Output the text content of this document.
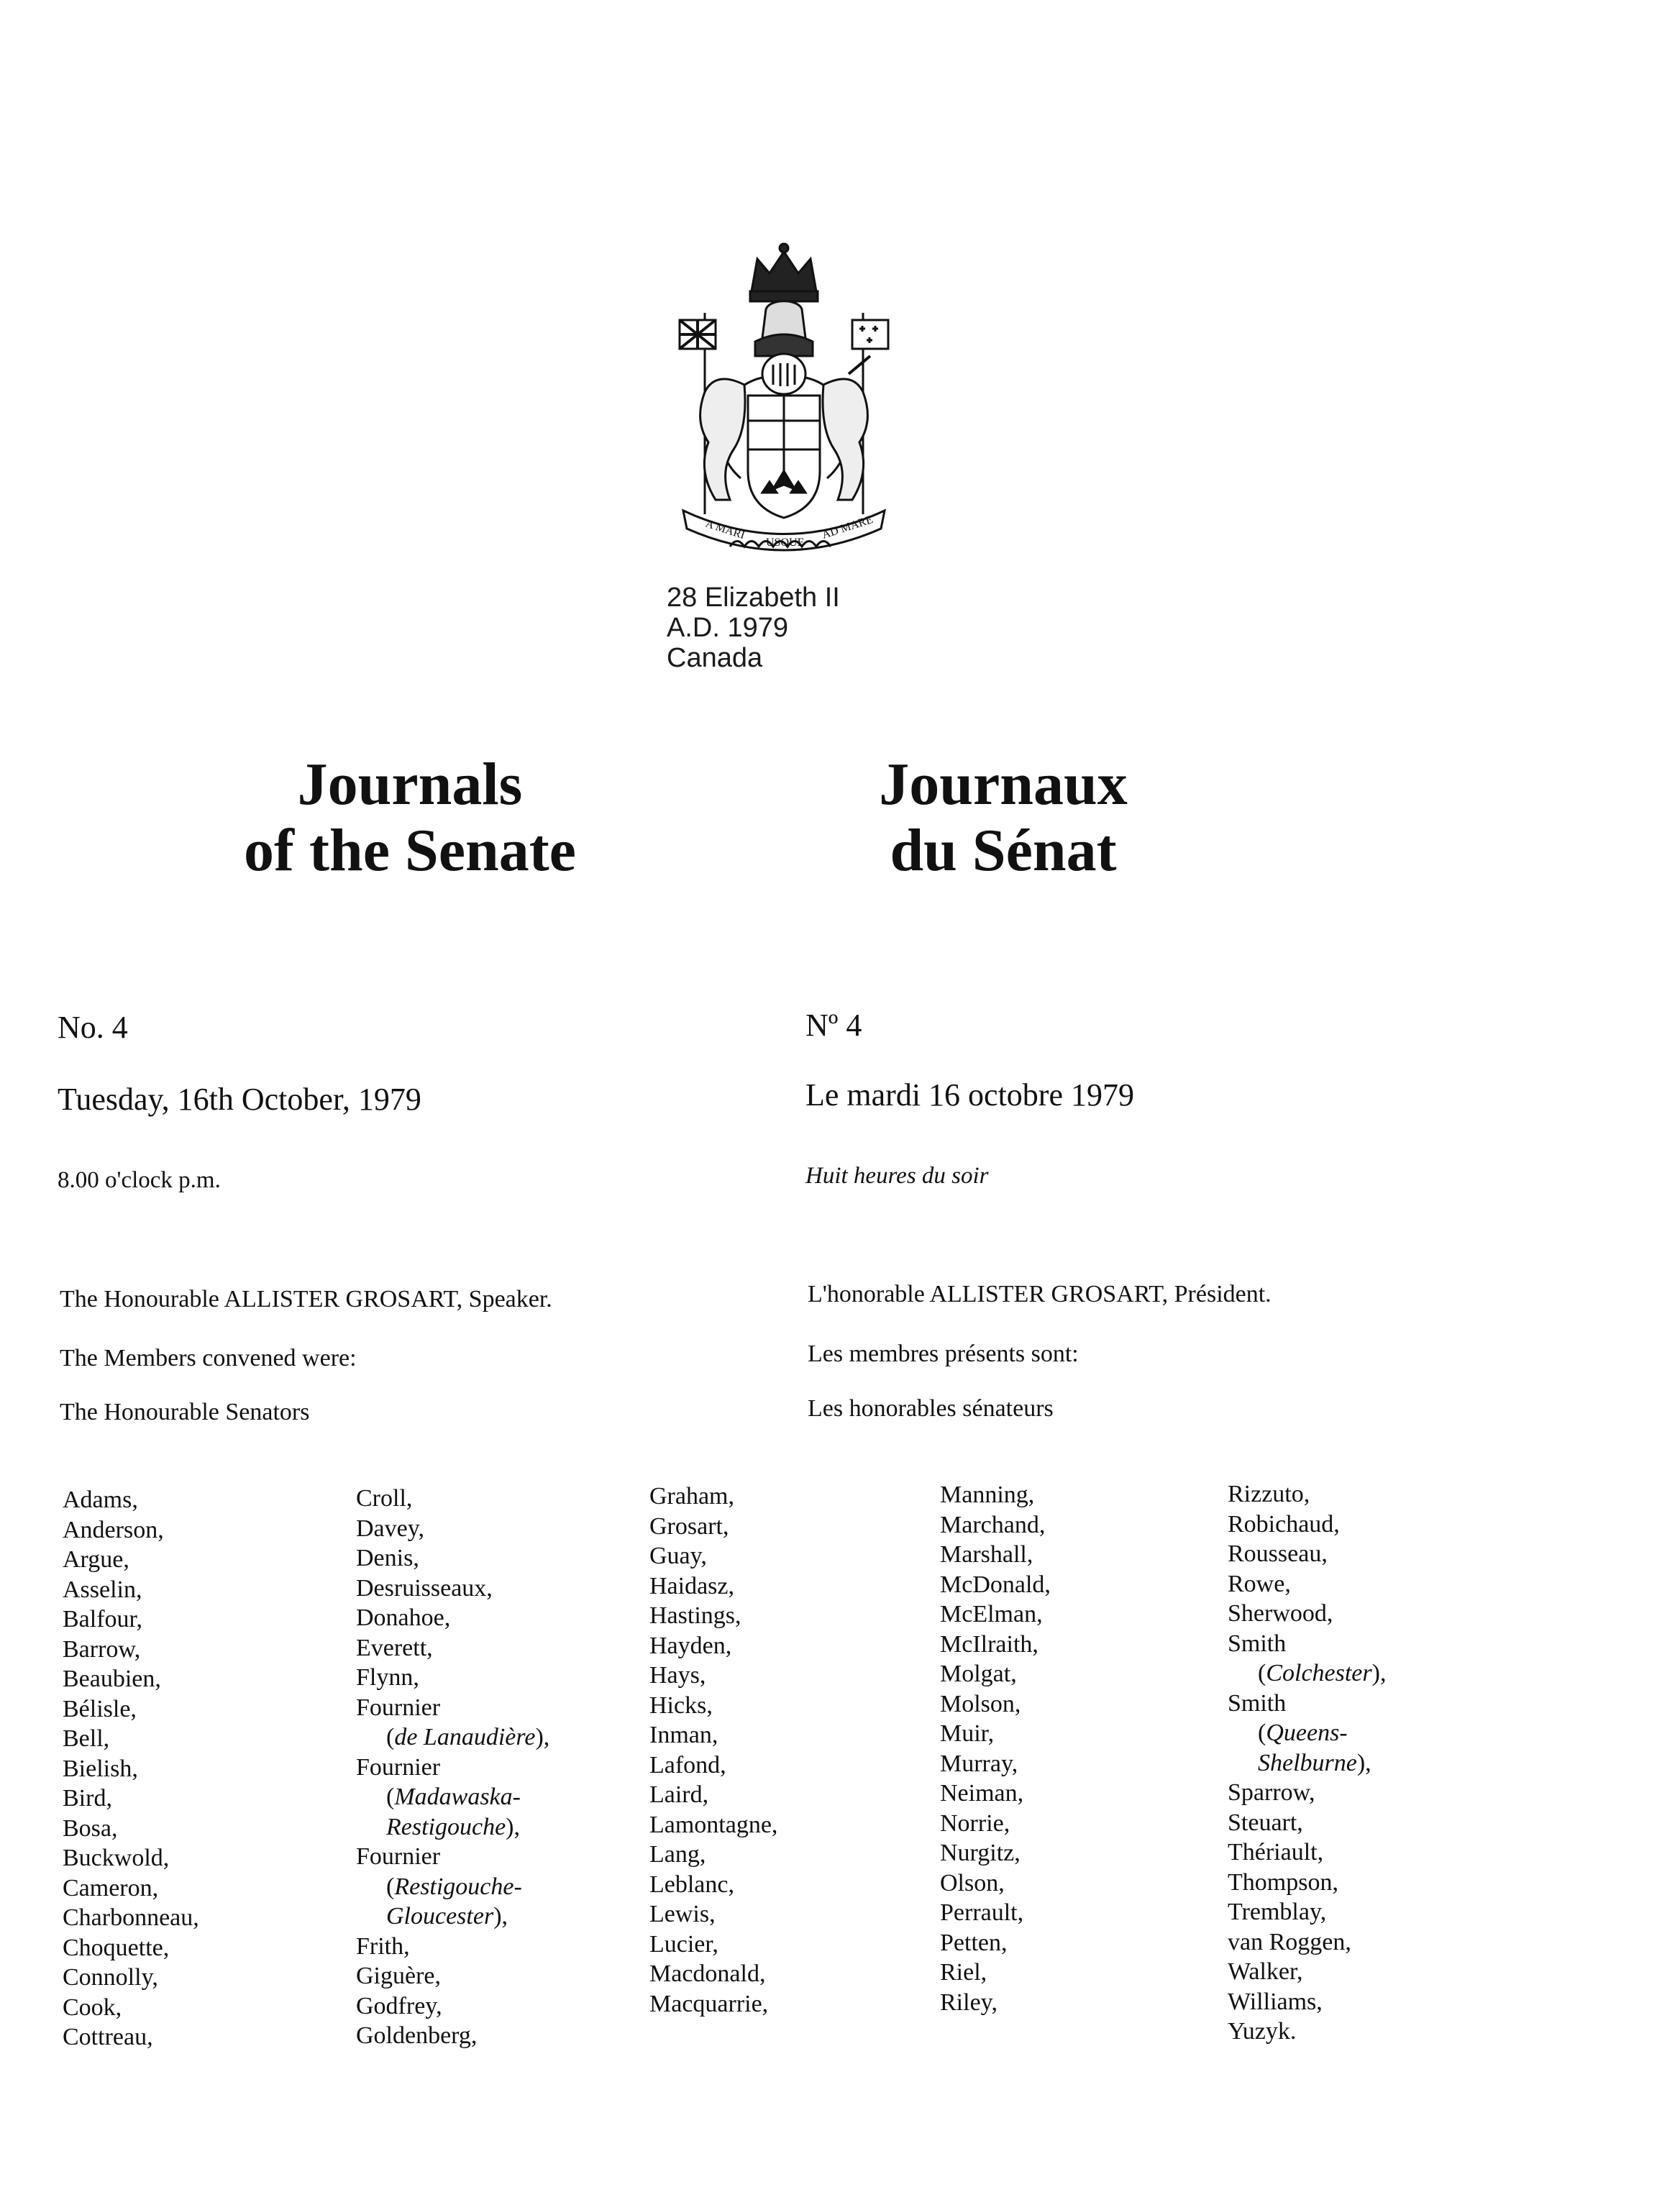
A MARI
USQUE
AD MARE
28 Elizabeth II
A.D. 1979
Canada
Journals
of the Senate
Journaux
du Sénat
No. 4
Tuesday, 16th October, 1979
8.00 o'clock p.m.
The Honourable ALLISTER GROSART, Speaker.
The Members convened were:
The Honourable Senators
Nº 4
Le mardi 16 octobre 1979
Huit heures du soir
L'honorable ALLISTER GROSART, Président.
Les membres présents sont:
Les honorables sénateurs
Adams,
Anderson,
Argue,
Asselin,
Balfour,
Barrow,
Beaubien,
Bélisle,
Bell,
Bielish,
Bird,
Bosa,
Buckwold,
Cameron,
Charbonneau,
Choquette,
Connolly,
Cook,
Cottreau,
Croll,
Davey,
Denis,
Desruisseaux,
Donahoe,
Everett,
Flynn,
Fournier
(de Lanaudière),
Fournier
(Madawaska-
Restigouche),
Fournier
(Restigouche-
Gloucester),
Frith,
Giguère,
Godfrey,
Goldenberg,
Graham,
Grosart,
Guay,
Haidasz,
Hastings,
Hayden,
Hays,
Hicks,
Inman,
Lafond,
Laird,
Lamontagne,
Lang,
Leblanc,
Lewis,
Lucier,
Macdonald,
Macquarrie,
Manning,
Marchand,
Marshall,
McDonald,
McElman,
McIlraith,
Molgat,
Molson,
Muir,
Murray,
Neiman,
Norrie,
Nurgitz,
Olson,
Perrault,
Petten,
Riel,
Riley,
Rizzuto,
Robichaud,
Rousseau,
Rowe,
Sherwood,
Smith
(Colchester),
Smith
(Queens-
Shelburne),
Sparrow,
Steuart,
Thériault,
Thompson,
Tremblay,
van Roggen,
Walker,
Williams,
Yuzyk.
